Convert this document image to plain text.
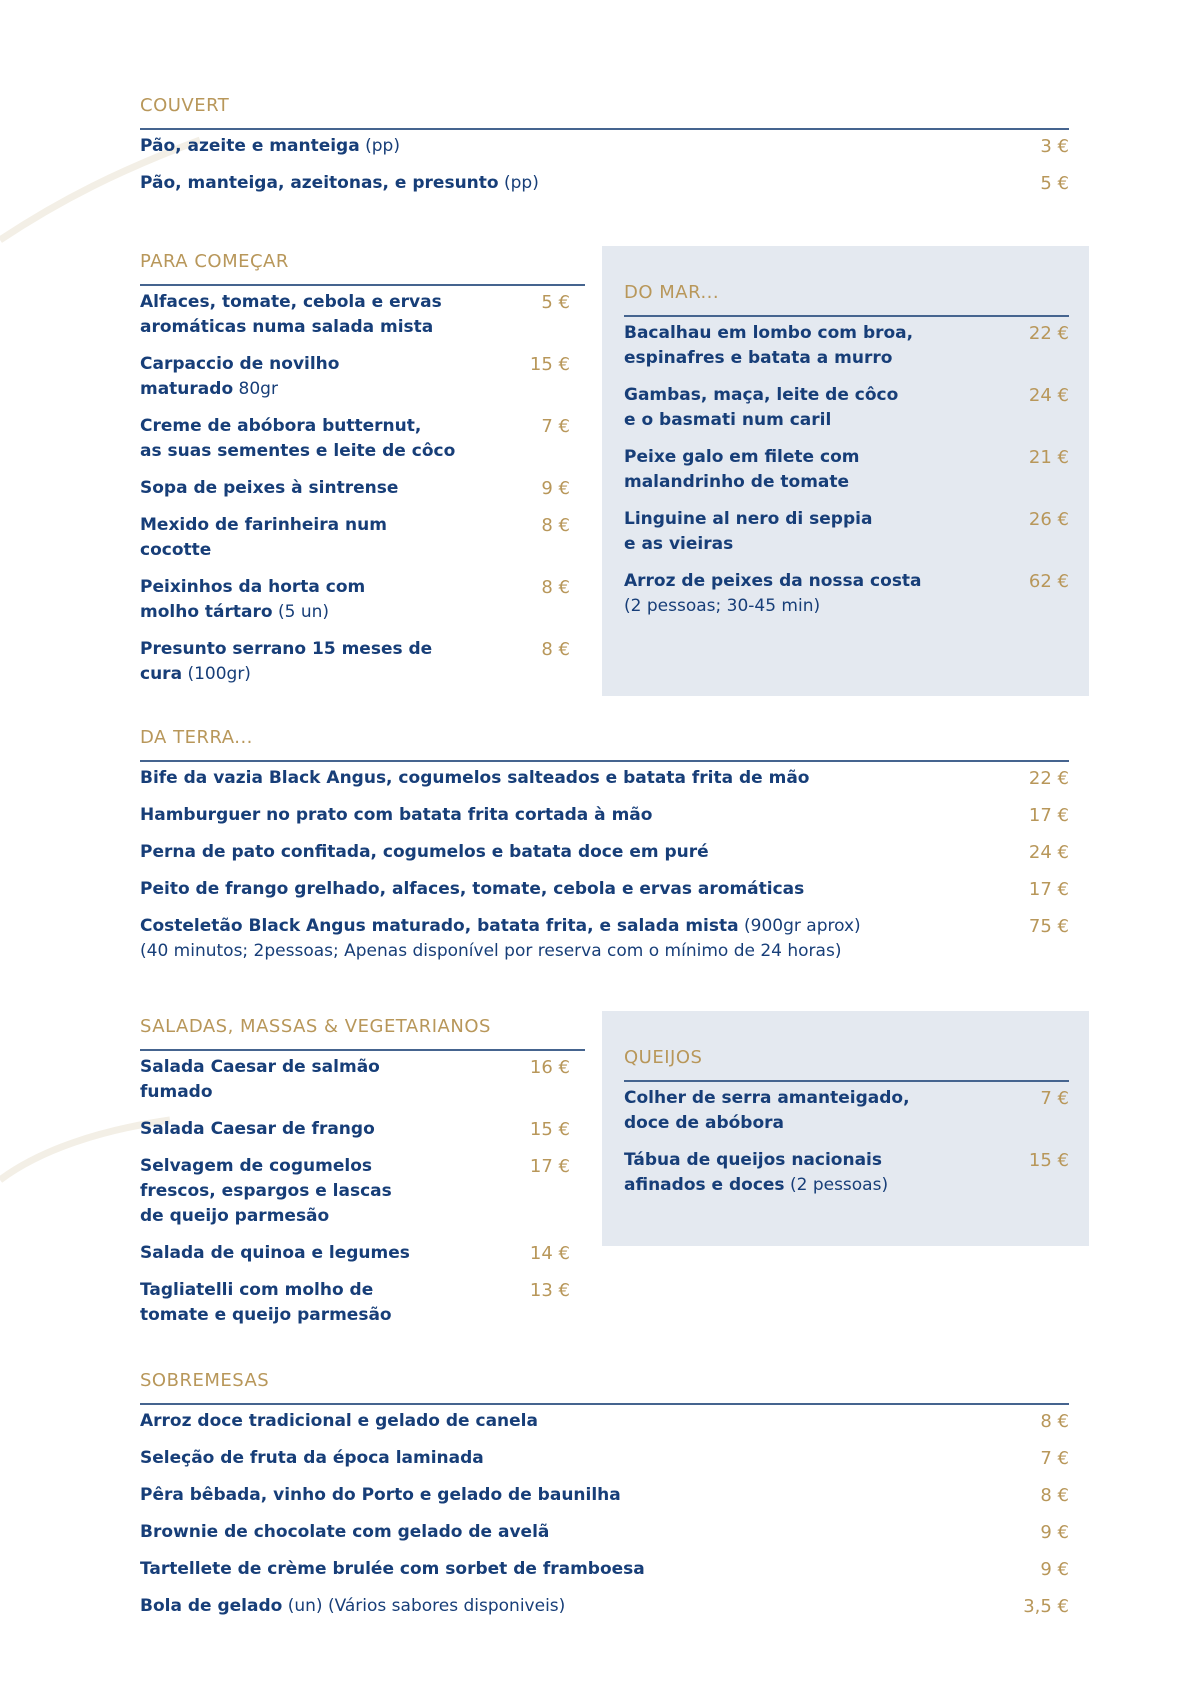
COUVERT
Pão, azeite e manteiga (pp)	3 €
Pão, manteiga, azeitonas, e presunto (pp)	5 €
PARA COMEÇAR
Alfaces, tomate, cebola e ervas
aromáticas numa salada mista
5 €
Carpaccio de novilho
maturado 80gr
15 €
Creme de abóbora butternut,
as suas sementes e leite de côco
7 €
Sopa de peixes à sintrense	9 €
Mexido de farinheira num
cocotte
8 €
Peixinhos da horta com
molho tártaro (5 un)
8 €
Presunto serrano 15 meses de
cura (100gr)
8 €
DO MAR...
Bacalhau em lombo com broa,
espinafres e batata a murro
22 €
Gambas, maça, leite de côco
e o basmati num caril
24 €
Peixe galo em filete com
malandrinho de tomate
21 €
Linguine al nero di seppia
e as vieiras
26 €
Arroz de peixes da nossa costa
(2 pessoas; 30-45 min)
62 €
DA TERRA...
Bife da vazia Black Angus, cogumelos salteados e batata frita de mão	22 €
Hamburguer no prato com batata frita cortada à mão	17 €
Perna de pato confitada, cogumelos e batata doce em puré	24 €
Peito de frango grelhado, alfaces, tomate, cebola e ervas aromáticas	17 €
Costeletão Black Angus maturado, batata frita, e salada mista (900gr aprox)
(40 minutos; 2pessoas; Apenas disponível por reserva com o mínimo de 24 horas)
75 €
SALADAS, MASSAS & VEGETARIANOS
Salada Caesar de salmão
fumado
16 €
Salada Caesar de frango	15 €
Selvagem de cogumelos
frescos, espargos e lascas
de queijo parmesão
17 €
Salada de quinoa e legumes	14 €
Tagliatelli com molho de
tomate e queijo parmesão
13 €
QUEIJOS
Colher de serra amanteigado,
doce de abóbora
7 €
Tábua de queijos nacionais
afinados e doces (2 pessoas)
15 €
SOBREMESAS
Arroz doce tradicional e gelado de canela	8 €
Seleção de fruta da época laminada	7 €
Pêra bêbada, vinho do Porto e gelado de baunilha	8 €
Brownie de chocolate com gelado de avelã	9 €
Tartellete de crème brulée com sorbet de framboesa	9 €
Bola de gelado (un) (Vários sabores disponiveis)	3,5 €
